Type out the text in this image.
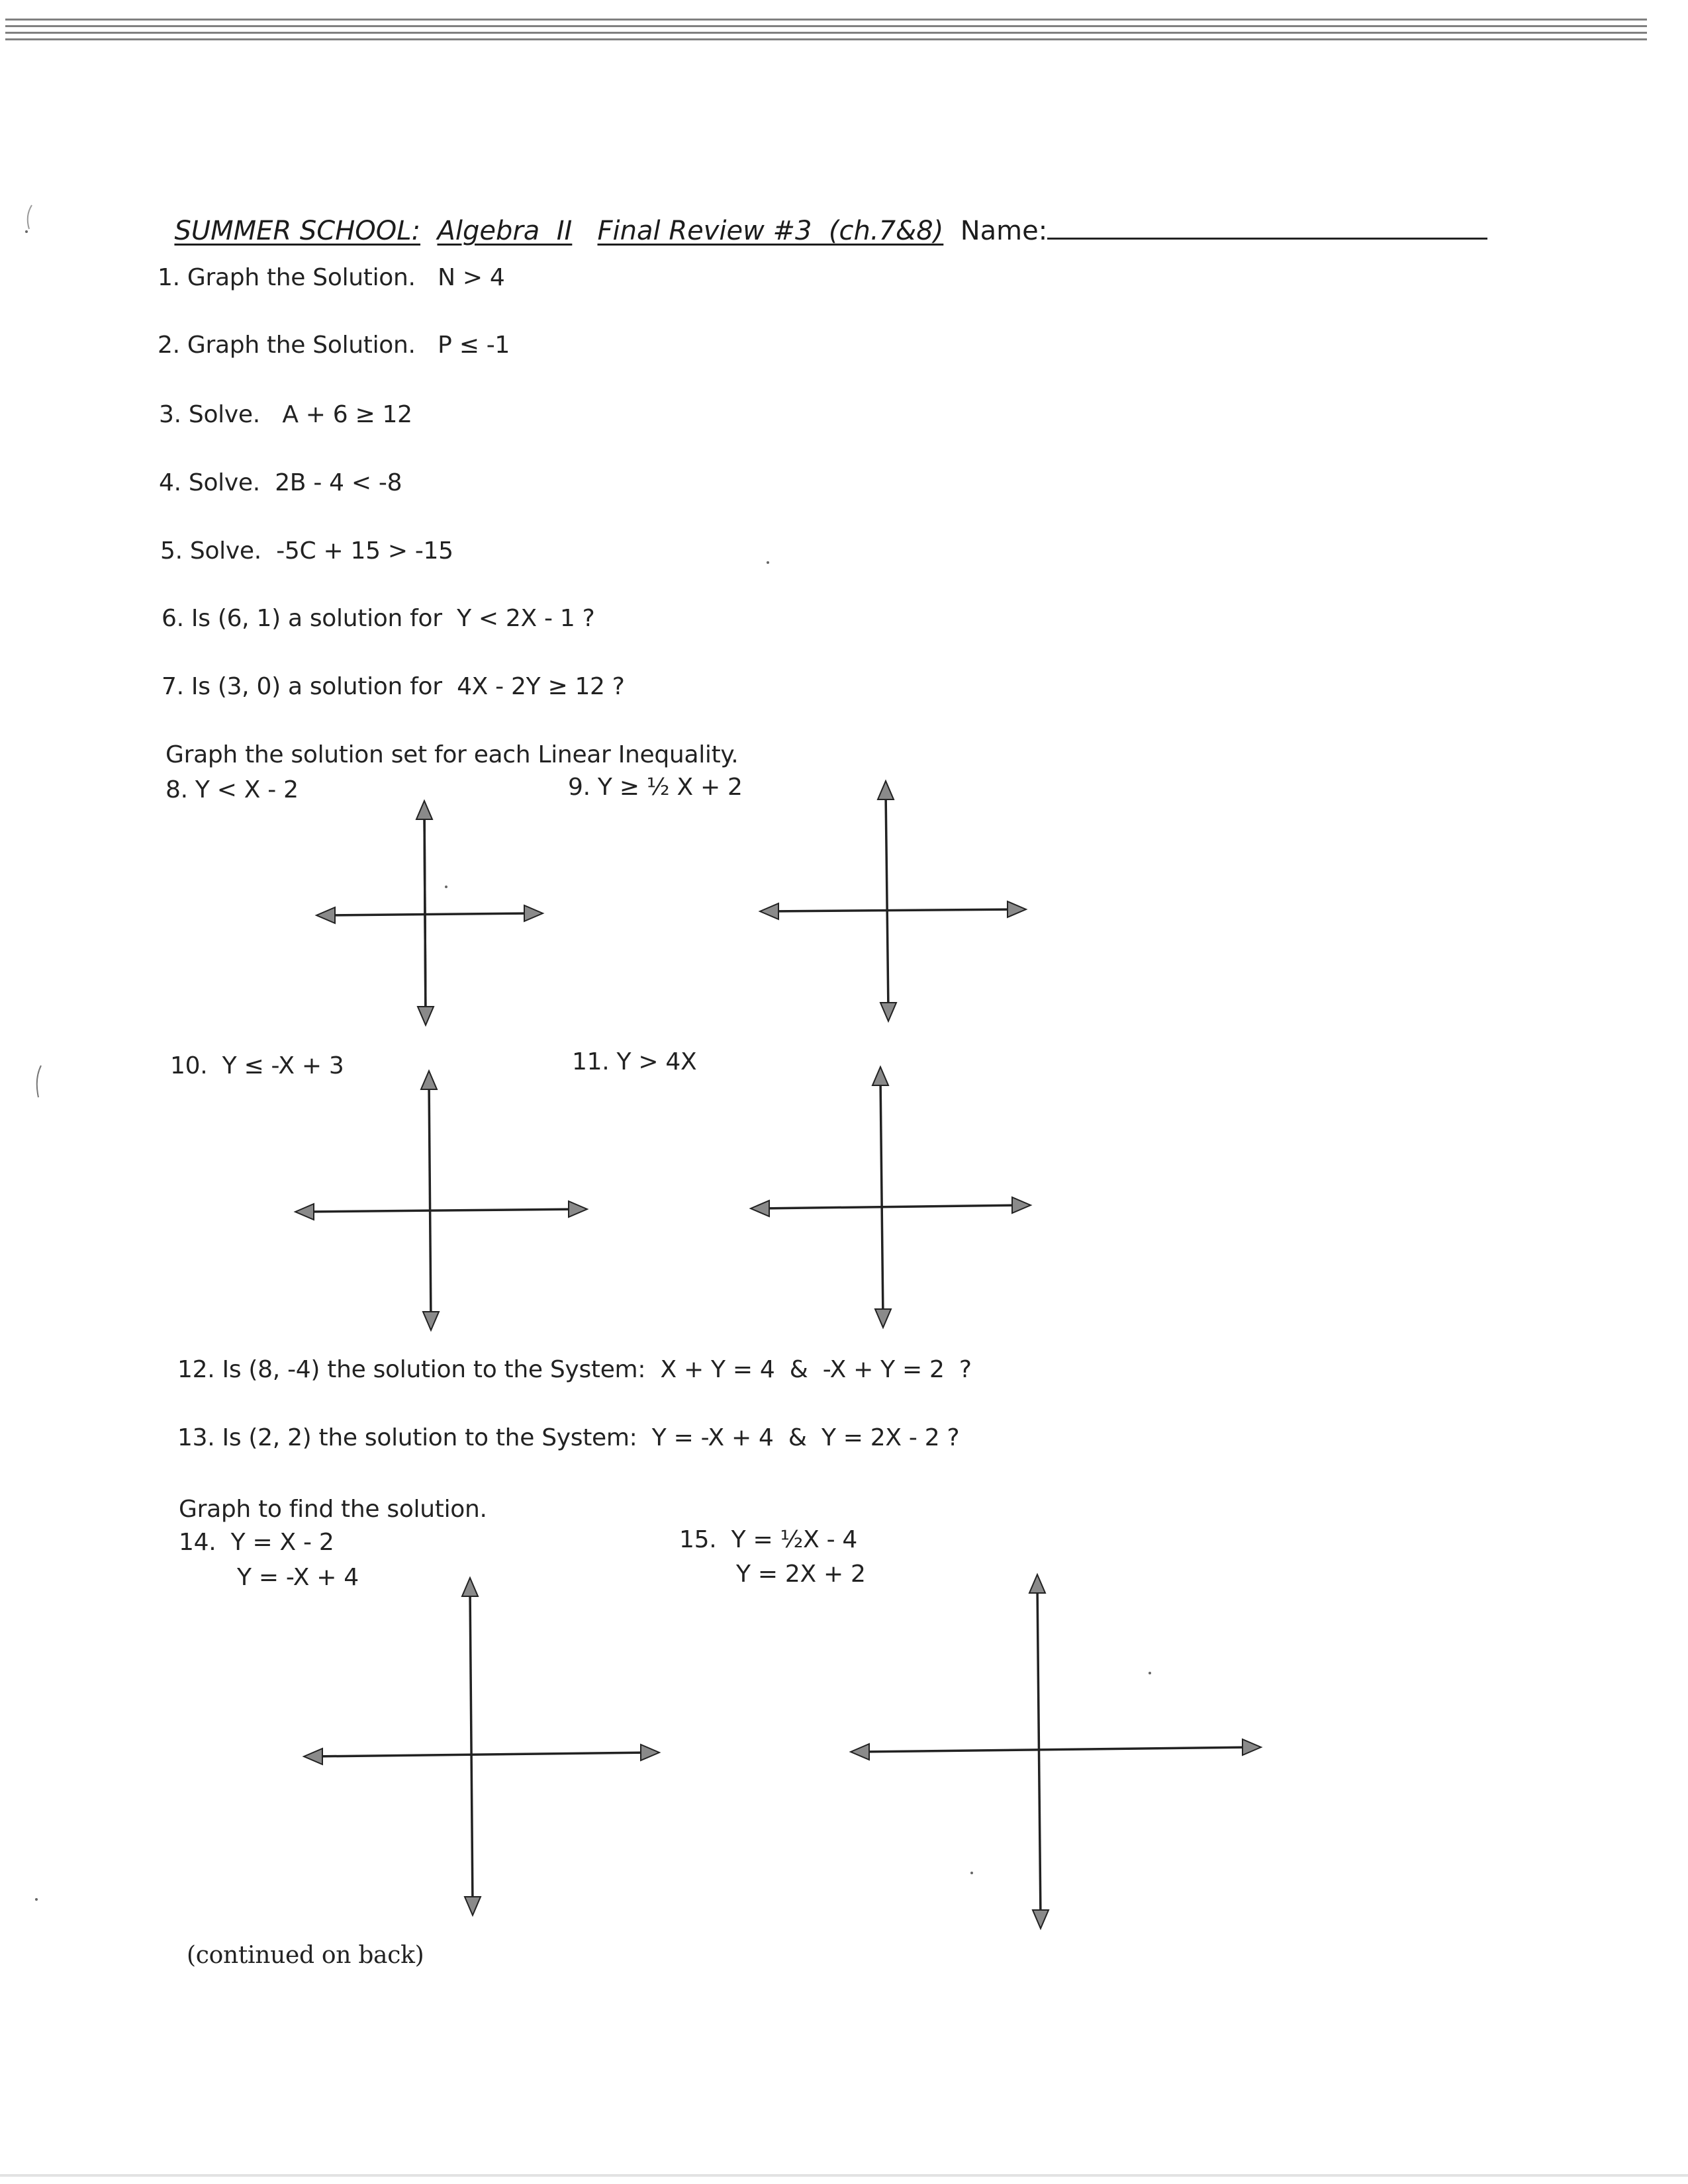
SUMMER SCHOOL: Algebra  II Final Review #3  (ch.7&8) Name:

1. Graph the Solution. N > 4
2. Graph the Solution. P ≤ -1
3. Solve. A + 6 ≥ 12
4. Solve. 2B - 4 < -8
5. Solve. -5C + 15 > -15
6. Is (6, 1) a solution for Y < 2X - 1 ?
7. Is (3, 0) a solution for 4X - 2Y ≥ 12 ?
Graph the solution set for each Linear Inequality.
8. Y < X - 2	9. Y ≥ ½ X + 2
10. Y ≤ -X + 3	11. Y > 4X
12. Is (8, -4) the solution to the System: X + Y = 4  &  -X + Y = 2  ?
13. Is (2, 2) the solution to the System: Y = -X + 4  &  Y = 2X - 2 ?
Graph to find the solution.
14. Y = X - 2
Y = -X + 4
15. Y = ½X - 4
Y = 2X + 2
(continued on back)
